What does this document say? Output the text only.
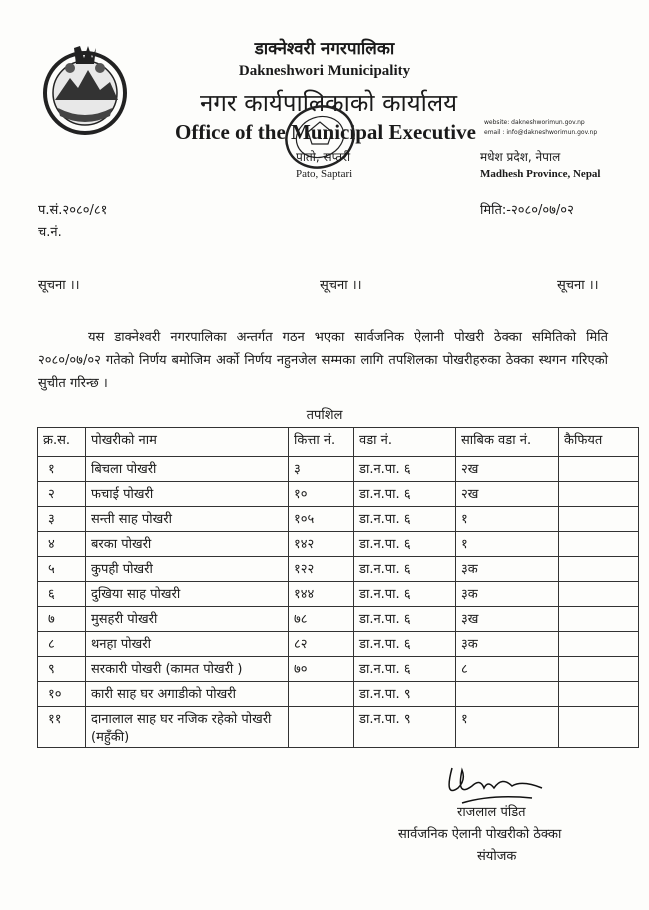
डाक्नेश्वरी नगरपालिका
Dakneshwori Municipality
नगर कार्यपालिकाको कार्यालय
Office of the Municipal Executive website: dakneshworimun.gov.np
email : info@dakneshworimun.gov.np
पातो, सप्तरी
Pato, Saptari
मधेश प्रदेश, नेपाल
Madhesh Province, Nepal
प.सं.२०८०/८१
च.नं.
मिति:-२०८०/०७/०२
सूचना ।।	सूचना ।।	सूचना ।।
यस डाक्नेश्वरी नगरपालिका अन्तर्गत गठन भएका सार्वजनिक ऐलानी पोखरी ठेक्का समितिको मिति २०८०/०७/०२ गतेको निर्णय बमोजिम अर्को निर्णय नहुनजेल सम्मका लागि तपशिलका पोखरीहरुका ठेक्का स्थगन गरिएको सुचीत गरिन्छ ।
तपशिल
क्र.स.	पोखरीको नाम	कित्ता नं.	वडा नं.	साबिक वडा नं.	कैफियत
१	बिचला पोखरी	३	डा.न.पा. ६	२ख	
२	फचाई पोखरी	१०	डा.न.पा. ६	२ख	
३	सन्ती साह पोखरी	१०५	डा.न.पा. ६	१	
४	बरका पोखरी	१४२	डा.न.पा. ६	१	
५	कुपही पोखरी	१२२	डा.न.पा. ६	३क	
६	दुखिया साह पोखरी	१४४	डा.न.पा. ६	३क	
७	मुसहरी पोखरी	७८	डा.न.पा. ६	३ख	
८	थनहा पोखरी	८२	डा.न.पा. ६	३क	
९	सरकारी पोखरी (कामत पोखरी )	७०	डा.न.पा. ६	८	
१०	कारी साह घर अगाडीको पोखरी		डा.न.पा. ९		
११	दानालाल साह घर नजिक रहेको पोखरी (महुँकी)		डा.न.पा. ९	१	
राजलाल पंडित
सार्वजनिक ऐलानी पोखरीको ठेक्का
संयोजक
